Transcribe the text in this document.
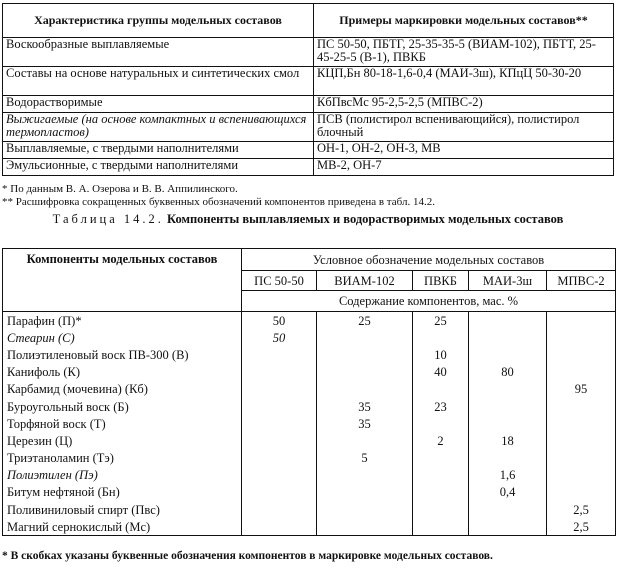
Характеристика группы модельных составов	Примеры маркировки модельных составов**
Воскообразные выплавляемые	ПС 50-50, ПБТГ, 25-35-35-5 (ВИАМ-102), ПБТТ, 25-45-25-5 (В-1), ПВКБ
Составы на основе натуральных и синтетических смол	КЦП,Бн 80-18-1,6-0,4 (МАИ-3ш), КПцЦ 50-30-20
Водорастворимые	КбПвсМс 95-2,5-2,5 (МПВС-2)
Выжигаемые (на основе компактных и вспенивающихся термопластов)	ПСВ (полистирол вспенивающийся), полистирол блочный
Выплавляемые, с твердыми наполнителями	ОН-1, ОН-2, ОН-3, МВ
Эмульсионные, с твердыми наполнителями	МВ-2, ОН-7
* По данным В. А. Озерова и В. В. Аппилинского.
** Расшифровка сокращенных буквенных обозначений компонентов приведена в табл. 14.2.
Таблица 14.2. Компоненты выплавляемых и водорастворимых модельных составов
Компоненты модельных составов	Условное обозначение модельных составов				
	ПС 50-50	ВИАМ-102	ПВКБ	МАИ-3ш	МПВС-2
	Содержание компонентов, мас. %				
Парафин (П)*	50	25	25		
Стеарин (С)	50				
Полиэтиленовый воск ПВ-300 (В)			10		
Канифоль (К)			40	80	
Карбамид (мочевина) (Кб)					95
Буроугольный воск (Б)		35	23		
Торфяной воск (Т)		35			
Церезин (Ц)			2	18	
Триэтаноламин (Тэ)		5			
Полиэтилен (Пэ)				1,6	
Битум нефтяной (Бн)				0,4	
Поливиниловый спирт (Пвс)					2,5
Магний сернокислый (Мс)					2,5
* В скобках указаны буквенные обозначения компонентов в маркировке модельных составов.
